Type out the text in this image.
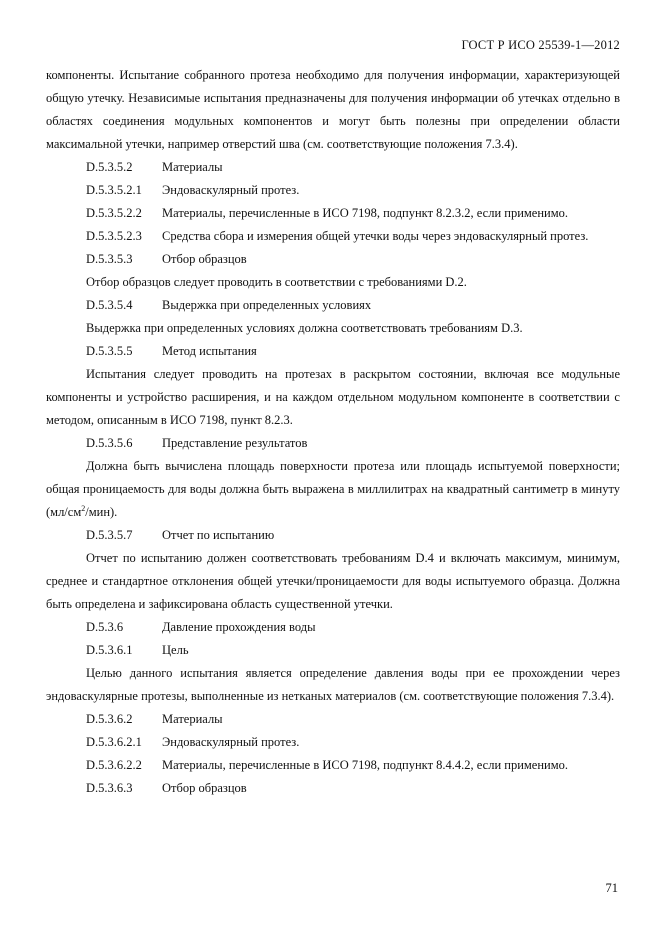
ГОСТ Р ИСО 25539-1—2012

компоненты. Испытание собранного протеза необходимо для получения информации, характеризующей общую утечку. Независимые испытания предназначены для получения информации об утечках отдельно в областях соединения модульных компонентов и могут быть полезны при определении области максимальной утечки, например отверстий шва (см. соответствующие положения 7.3.4).

D.5.3.5.2	Материалы
D.5.3.5.2.1	Эндоваскулярный протез.
D.5.3.5.2.2	Материалы, перечисленные в ИСО 7198, подпункт 8.2.3.2, если применимо.

D.5.3.5.2.3 Средства сбора и измерения общей утечки воды через эндоваскулярный протез.

D.5.3.5.3	Отбор образцов

Отбор образцов следует проводить в соответствии с требованиями D.2.

D.5.3.5.4	Выдержка при определенных условиях

Выдержка при определенных условиях должна соответствовать требованиям D.3.

D.5.3.5.5	Метод испытания

Испытания следует проводить на протезах в раскрытом состоянии, включая все модульные компоненты и устройство расширения, и на каждом отдельном модульном компоненте в соответствии с методом, описанным в ИСО 7198, пункт 8.2.3.

D.5.3.5.6	Представление результатов

Должна быть вычислена площадь поверхности протеза или площадь испытуемой поверхности; общая проницаемость для воды должна быть выражена в миллилитрах на квадратный сантиметр в минуту $(мл/см^2/мин)$.

D.5.3.5.7	Отчет по испытанию

Отчет по испытанию должен соответствовать требованиям D.4 и включать максимум, минимум, среднее и стандартное отклонения общей утечки/проницаемости для воды испытуемого образца. Должна быть определена и зафиксирована область существенной утечки.

D.5.3.6	Давление прохождения воды
D.5.3.6.1	Цель

Целью данного испытания является определение давления воды при ее прохождении через эндоваскулярные протезы, выполненные из нетканых материалов (см. соответствующие положения 7.3.4).

D.5.3.6.2	Материалы
D.5.3.6.2.1	Эндоваскулярный протез.
D.5.3.6.2.2	Материалы, перечисленные в ИСО 7198, подпункт 8.4.4.2, если применимо.
D.5.3.6.3	Отбор образцов
71
